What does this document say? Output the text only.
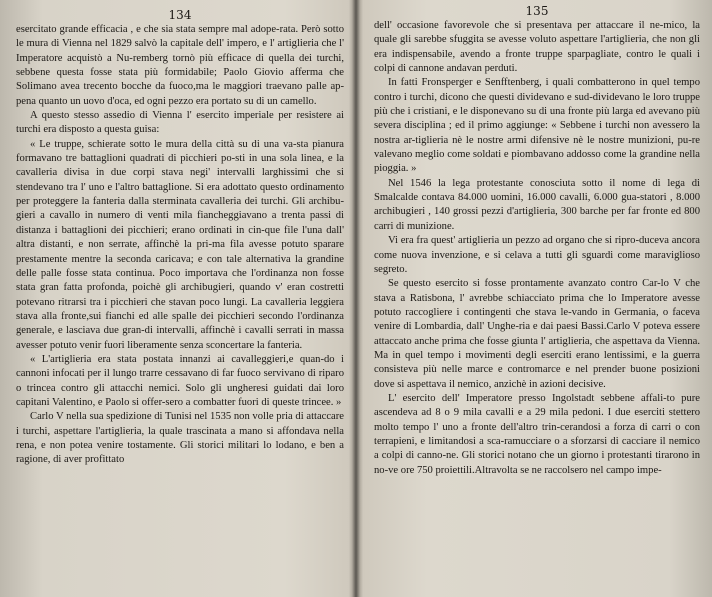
134

esercitato grande efficacia , e che sia stata sempre mal adope-rata. Però sotto le mura di Vienna nel 1829 salvò la capitale dell' impero, e l' artiglieria che l' Imperatore acquistò a Nu-remberg tornò più efficace di quella dei turchi, sebbene questa fosse stata più formidabile; Paolo Giovio afferma che Solimano avea trecento bocche da fuoco,ma le maggiori traevano palle ap-pena quanto un uovo d'oca, ed ogni pezzo era portato su di un camello.

A questo stesso assedio di Vienna l' esercito imperiale per resistere ai turchi era disposto a questa guisa:

« Le truppe, schierate sotto le mura della città su di una va-sta pianura formavano tre battaglioni quadrati di picchieri po-sti in una sola linea, e la cavalleria divisa in due corpi stava negi' intervalli larghissimi che si stendevano tra l' uno e l'altro battaglione. Si era adottato questo ordinamento per proteggere la fanteria dalla sterminata cavalleria dei turchi. Gli archibu-gieri a cavallo in numero di venti mila fiancheggiavano a trenta passi di distanza i battaglioni dei picchieri; erano ordinati in cin-que file l'una dall' altra distanti, e non serrate, affinchè la pri-ma fila avesse potuto sparare prestamente mentre la seconda caricava; e con tale alternativa la grandine delle palle fosse stata continua. Poco importava che l'ordinanza non fosse stata gran fatta profonda, poichè gli archibugieri, quando v' eran costretti potevano ritrarsi tra i picchieri che stavan poco lungi. La cavalleria leggiera stava alla fronte,sui fianchi ed alle spalle dei picchieri secondo l'ordinanza generale, e lasciava due gran-di intervalli, affinchè i cavalli serrati in massa avesser potuto venir fuori liberamente senza sconcertare la fanteria.

« L'artiglieria era stata postata innanzi ai cavalleggieri,e quan-do i cannoni infocati per il lungo trarre cessavano di far fuoco servivano di riparo o trincea contro gli attacchi nemici. Solo gli ungheresi guidati dai loro capitani Valentino, e Paolo si offer-sero a combatter fuori di queste trincee. »

Carlo V nella sua spedizione di Tunisi nel 1535 non volle pria di attaccare i turchi, aspettare l'artiglieria, la quale trascinata a mano si affondava nella rena, e non potea venire tostamente. Gli storici militari lo lodano, e ben a ragione, di aver profittato

135

dell' occasione favorevole che si presentava per attaccare il ne-mico, la quale gli sarebbe sfuggita se avesse voluto aspettare l'artiglieria, che non gli era indispensabile, avendo a fronte truppe sparpagliate, contro le quali i colpi di cannone andavan perduti.

In fatti Fronsperger e Senfftenberg, i quali combatterono in quel tempo contro i turchi, dicono che questi dividevano e sud-dividevano le loro truppe più che i cristiani, e le disponevano su di una fronte più larga ed avevano più severa disciplina ; ed il primo aggiunge: « Sebbene i turchi non avessero la nostra ar-tiglieria nè le nostre armi difensive nè le nostre munizioni, pu-re valevano meglio come soldati e piombavano addosso come la grandine nella pioggia. »

Nel 1546 la lega protestante conosciuta sotto il nome di lega di Smalcalde contava 84.000 uomini, 16.000 cavalli, 6.000 gua-statori , 8.000 archibugieri , 140 grossi pezzi d'artiglieria, 300 barche per far fronte ed 800 carri di munizione.

Vi era fra quest' artiglieria un pezzo ad organo che si ripro-duceva ancora come nuova invenzione, e si celava a tutti gli sguardi come maraviglioso segreto.

Se questo esercito si fosse prontamente avanzato contro Car-lo V che stava a Ratisbona, l' avrebbe schiacciato prima che lo Imperatore avesse potuto raccogliere i contingenti che stava le-vando in Germania, o faceva venire di Lombardia, dall' Unghe-ria e dai paesi Bassi.Carlo V poteva essere attaccato anche prima che fosse giunta l' artiglieria, che aspettava da Vienna. Ma in quel tempo i movimenti degli eserciti erano lentissimi, e la guerra consisteva più nelle marce e contromarce e nel prender buone posizioni dove si aspettava il nemico, anzichè in azioni decisive.

L' esercito dell' Imperatore presso Ingolstadt sebbene affali-to pure ascendeva ad 8 o 9 mila cavalli e a 29 mila pedoni. I due eserciti stettero molto tempo l' uno a fronte dell'altro trin-cerandosi a forza di carri o con terrapieni, e limitandosi a sca-ramucciare o a sforzarsi di cacciare il nemico a colpi di canno-ne. Gli storici notano che un giorno i protestanti tirarono in no-ve ore 750 proiettili.Altravolta se ne raccolsero nel campo impe-
